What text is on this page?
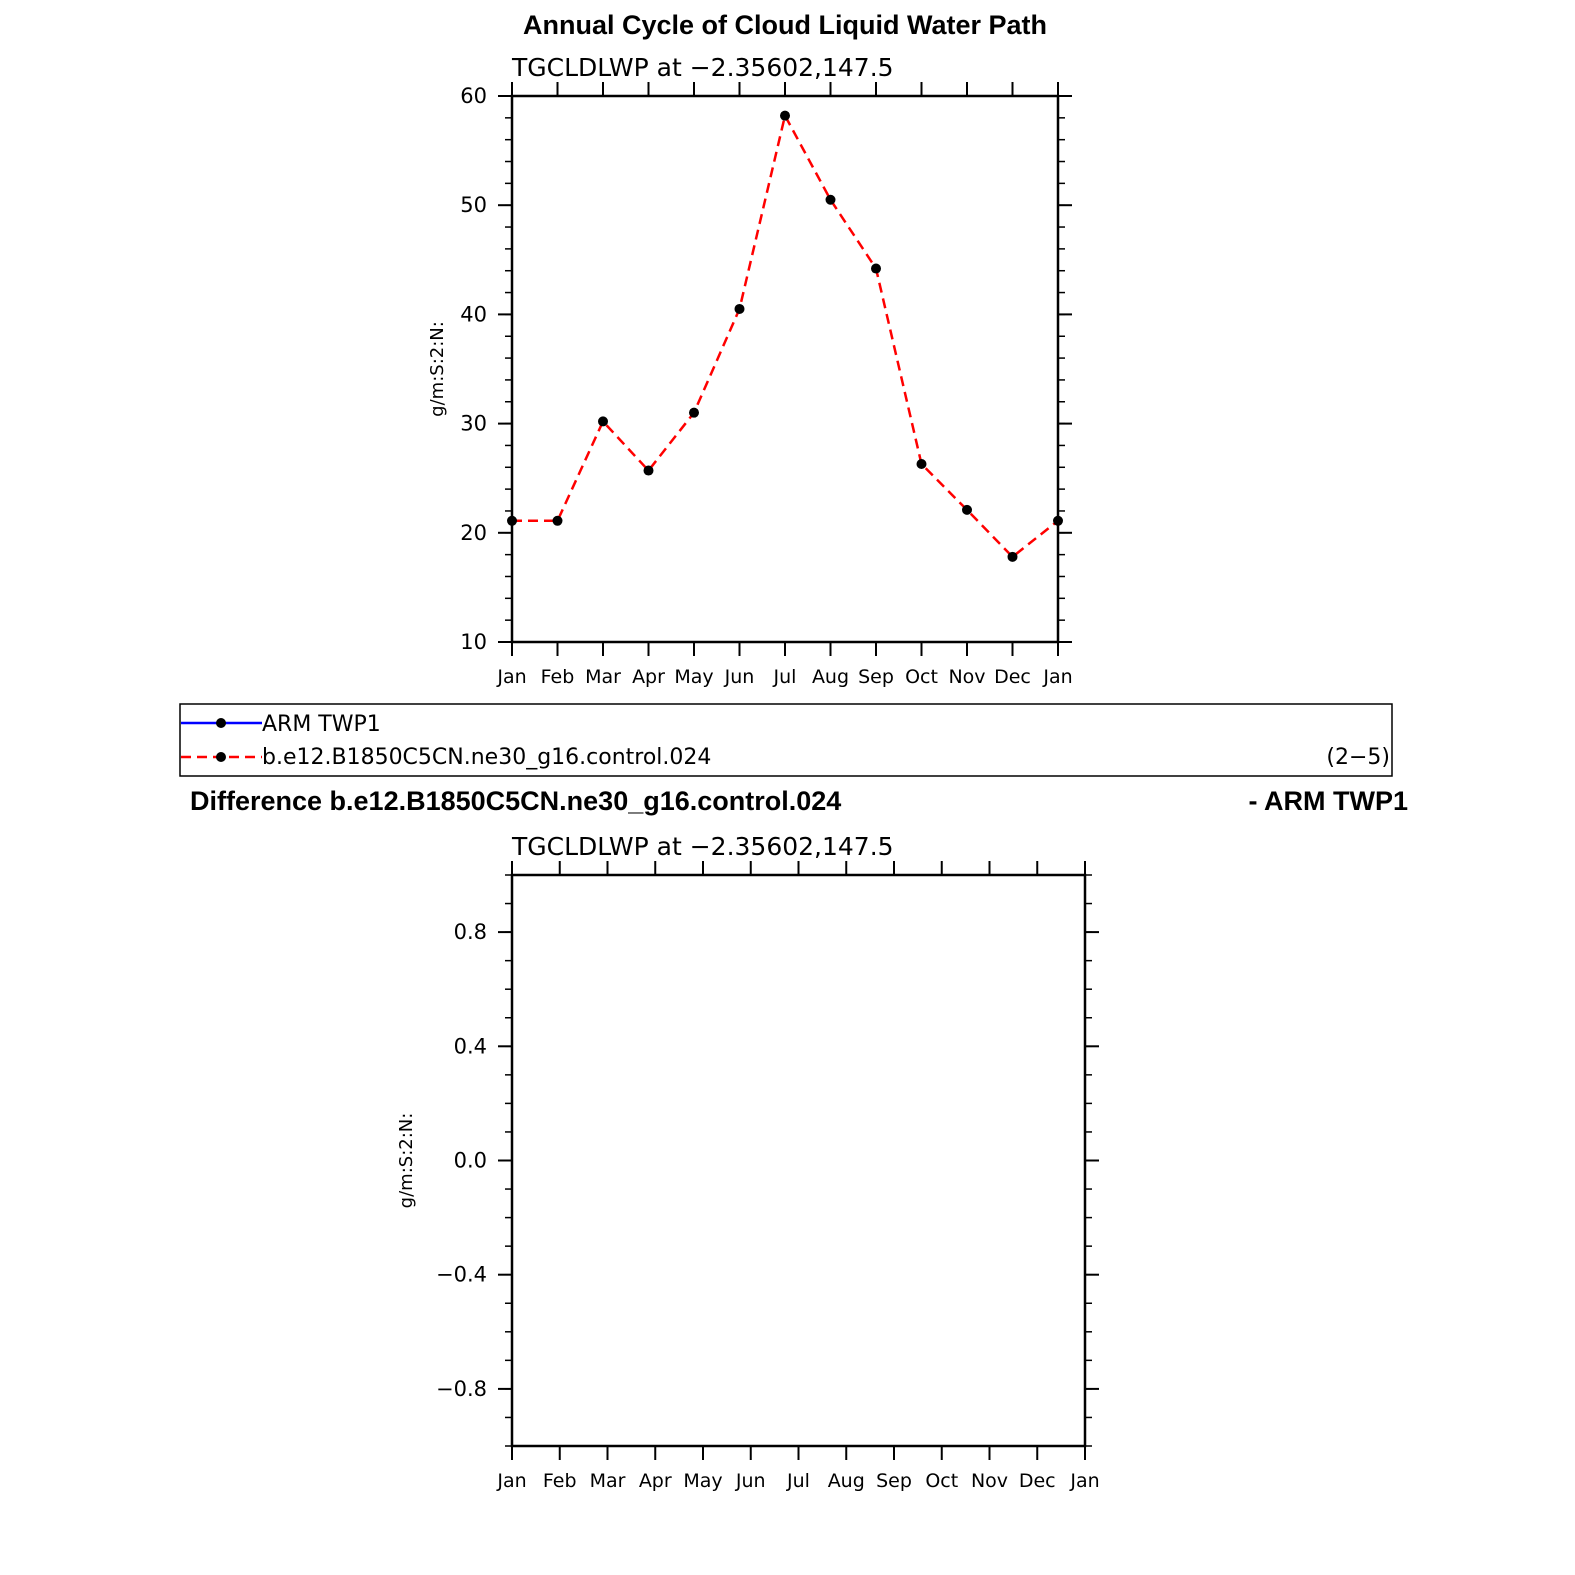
Annual Cycle of Cloud Liquid Water Path
TGCLDLWP at −2.35602,147.5
10
20
30
40
50
60
Jan Feb Mar Apr May Jun Jul Aug Sep Oct Nov Dec Jan
g/m:S:2:N:
ARM TWP1
b.e12.B1850C5CN.ne30_g16.control.024	(2−5)
Difference b.e12.B1850C5CN.ne30_g16.control.024	- ARM TWP1
TGCLDLWP at −2.35602,147.5
−0.8
−0.4
0.0
0.4
0.8
Jan Feb Mar Apr May Jun Jul Aug Sep Oct Nov Dec Jan
g/m:S:2:N:
